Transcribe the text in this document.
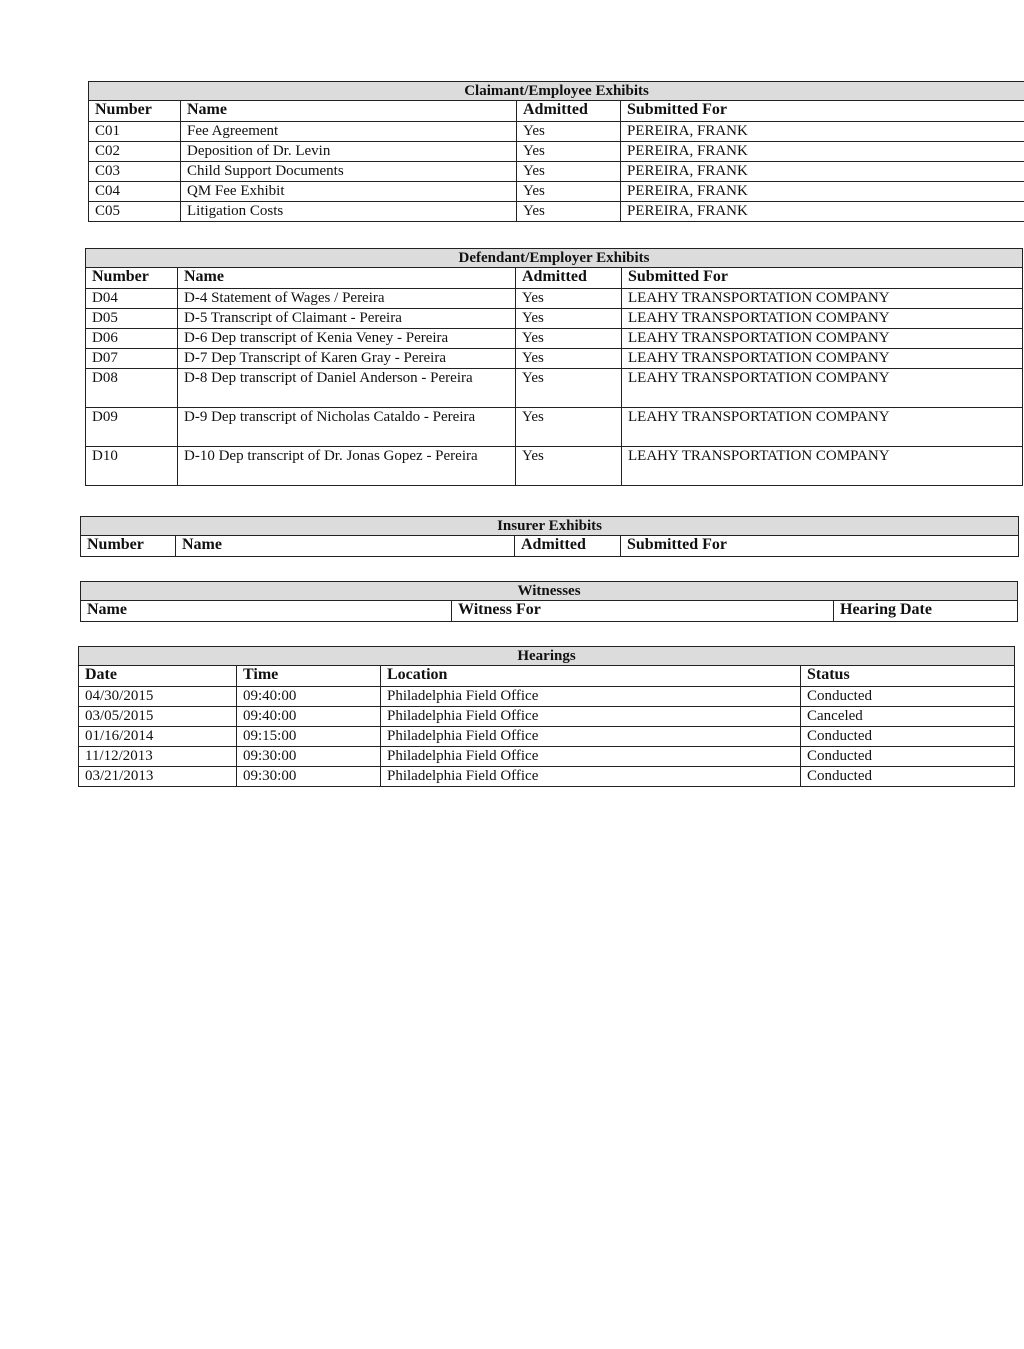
Claimant/Employee Exhibits			
Number	Name	Admitted	Submitted For
C01	Fee Agreement	Yes	PEREIRA, FRANK
C02	Deposition of Dr. Levin	Yes	PEREIRA, FRANK
C03	Child Support Documents	Yes	PEREIRA, FRANK
C04	QM Fee Exhibit	Yes	PEREIRA, FRANK
C05	Litigation Costs	Yes	PEREIRA, FRANK
Defendant/Employer Exhibits			
Number	Name	Admitted	Submitted For
D04	D-4 Statement of Wages / Pereira	Yes	LEAHY TRANSPORTATION COMPANY
D05	D-5 Transcript of Claimant - Pereira	Yes	LEAHY TRANSPORTATION COMPANY
D06	D-6 Dep transcript of Kenia Veney - Pereira	Yes	LEAHY TRANSPORTATION COMPANY
D07	D-7 Dep Transcript of Karen Gray - Pereira	Yes	LEAHY TRANSPORTATION COMPANY
D08	D-8 Dep transcript of Daniel Anderson - Pereira	Yes	LEAHY TRANSPORTATION COMPANY
D09	D-9 Dep transcript of Nicholas Cataldo - Pereira	Yes	LEAHY TRANSPORTATION COMPANY
D10	D-10 Dep transcript of Dr. Jonas Gopez - Pereira	Yes	LEAHY TRANSPORTATION COMPANY
Insurer Exhibits
Number	Name	Admitted	Submitted For
Witnesses
Name	Witness For	Hearing Date
Hearings			
Date	Time	Location	Status
04/30/2015	09:40:00	Philadelphia Field Office	Conducted
03/05/2015	09:40:00	Philadelphia Field Office	Canceled
01/16/2014	09:15:00	Philadelphia Field Office	Conducted
11/12/2013	09:30:00	Philadelphia Field Office	Conducted
03/21/2013	09:30:00	Philadelphia Field Office	Conducted
